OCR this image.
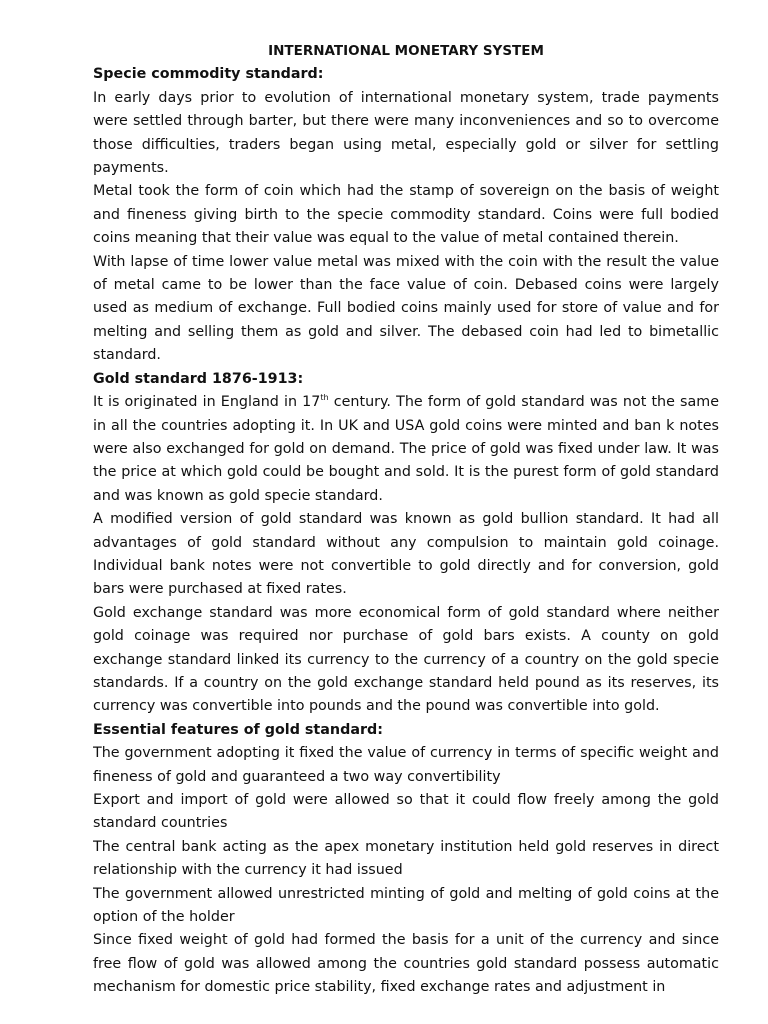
INTERNATIONAL MONETARY SYSTEM

Specie commodity standard:

In early days prior to evolution of international monetary system, trade payments were settled through barter, but there were many inconveniences and so to overcome those difficulties, traders began using metal, especially gold or silver for settling payments.

Metal took the form of coin which had the stamp of sovereign on the basis of weight and fineness giving birth to the specie commodity standard. Coins were full bodied coins meaning that their value was equal to the value of metal contained therein.

With lapse of time lower value metal was mixed with the coin with the result the value of metal came to be lower than the face value of coin. Debased coins were largely used as medium of exchange. Full bodied coins mainly used for store of value and for melting and selling them as gold and silver. The debased coin had led to bimetallic standard.

Gold standard 1876-1913:

It is originated in England in 17th century. The form of gold standard was not the same in all the countries adopting it. In UK and USA gold coins were minted and ban k notes were also exchanged for gold on demand. The price of gold was fixed under law. It was the price at which gold could be bought and sold. It is the purest form of gold standard and was known as gold specie standard.

A modified version of gold standard was known as gold bullion standard. It had all advantages of gold standard without any compulsion to maintain gold coinage. Individual bank notes were not convertible to gold directly and for conversion, gold bars were purchased at fixed rates.

Gold exchange standard was more economical form of gold standard where neither gold coinage was required nor purchase of gold bars exists. A county on gold exchange standard linked its currency to the currency of a country on the gold specie standards. If a country on the gold exchange standard held pound as its reserves, its currency was convertible into pounds and the pound was convertible into gold.

Essential features of gold standard:

The government adopting it fixed the value of currency in terms of specific weight and fineness of gold and guaranteed a two way convertibility

Export and import of gold were allowed so that it could flow freely among the gold standard countries

The central bank acting as the apex monetary institution held gold reserves in direct relationship with the currency it had issued

The government allowed unrestricted minting of gold and melting of gold coins at the option of the holder

Since fixed weight of gold had formed the basis for a unit of the currency and since free flow of gold was allowed among the countries gold standard possess automatic mechanism for domestic price stability, fixed exchange rates and adjustment in
